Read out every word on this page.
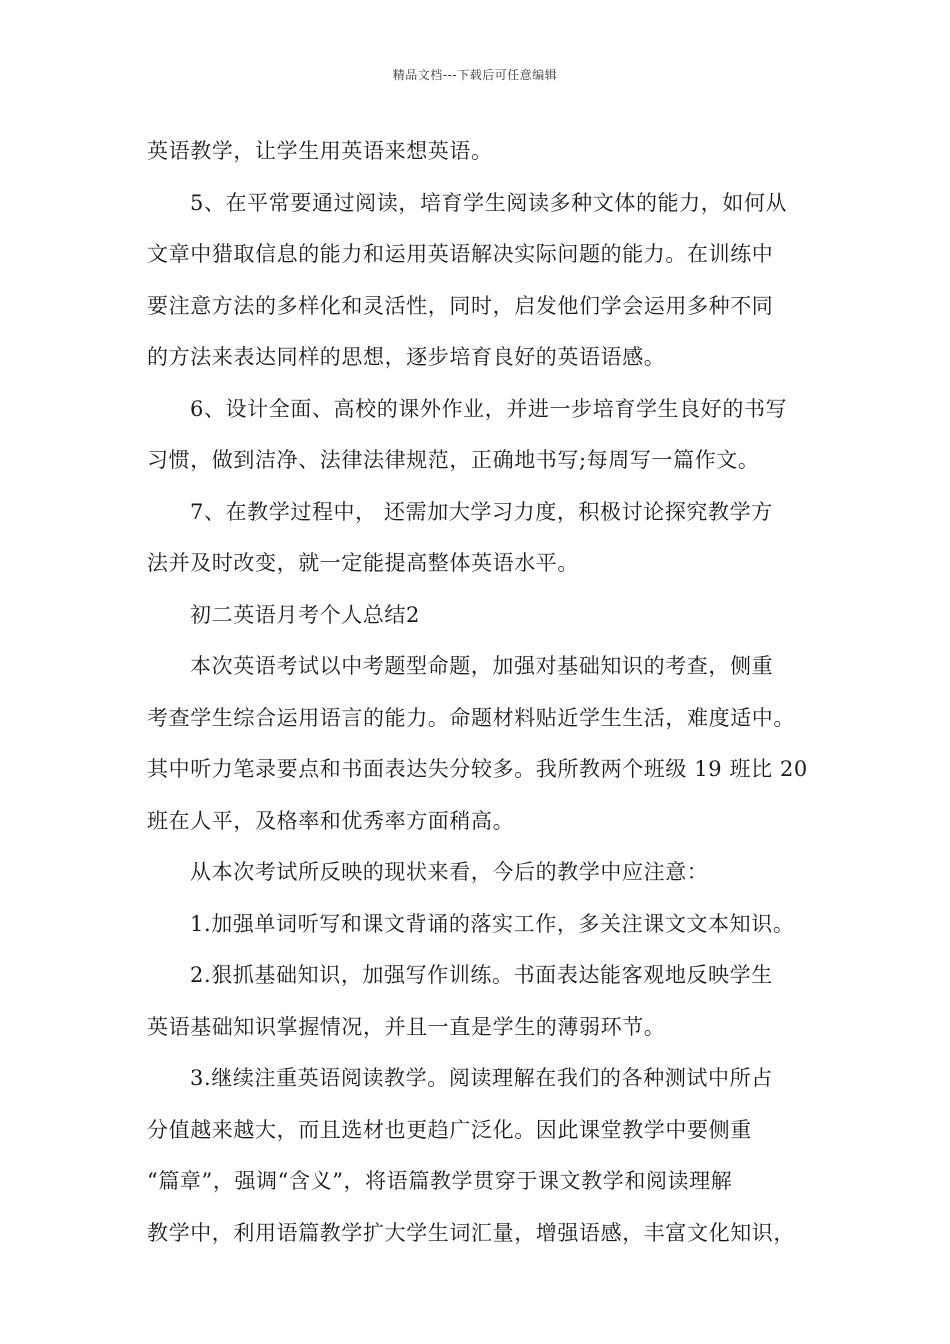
精品文档---下载后可任意编辑
英语教学，让学生用英语来想英语。
5、在平常要通过阅读，培育学生阅读多种文体的能力，如何从
文章中猎取信息的能力和运用英语解决实际问题的能力。在训练中
要注意方法的多样化和灵活性，同时，启发他们学会运用多种不同
的方法来表达同样的思想，逐步培育良好的英语语感。
6、设计全面、高校的课外作业，并进一步培育学生良好的书写
习惯，做到洁净、法律法律规范，正确地书写;每周写一篇作文。
7、在教学过程中， 还需加大学习力度，积极讨论探究教学方
法并及时改变，就一定能提高整体英语水平。
初二英语月考个人总结2
本次英语考试以中考题型命题，加强对基础知识的考查，侧重
考查学生综合运用语言的能力。命题材料贴近学生生活，难度适中。
其中听力笔录要点和书面表达失分较多。我所教两个班级 19 班比 20
班在人平，及格率和优秀率方面稍高。
从本次考试所反映的现状来看，今后的教学中应注意：
1.加强单词听写和课文背诵的落实工作，多关注课文文本知识。
2.狠抓基础知识，加强写作训练。书面表达能客观地反映学生
英语基础知识掌握情况，并且一直是学生的薄弱环节。
3.继续注重英语阅读教学。阅读理解在我们的各种测试中所占
分值越来越大，而且选材也更趋广泛化。因此课堂教学中要侧重
“篇章”，强调“含义”，将语篇教学贯穿于课文教学和阅读理解
教学中，利用语篇教学扩大学生词汇量，增强语感，丰富文化知识，
